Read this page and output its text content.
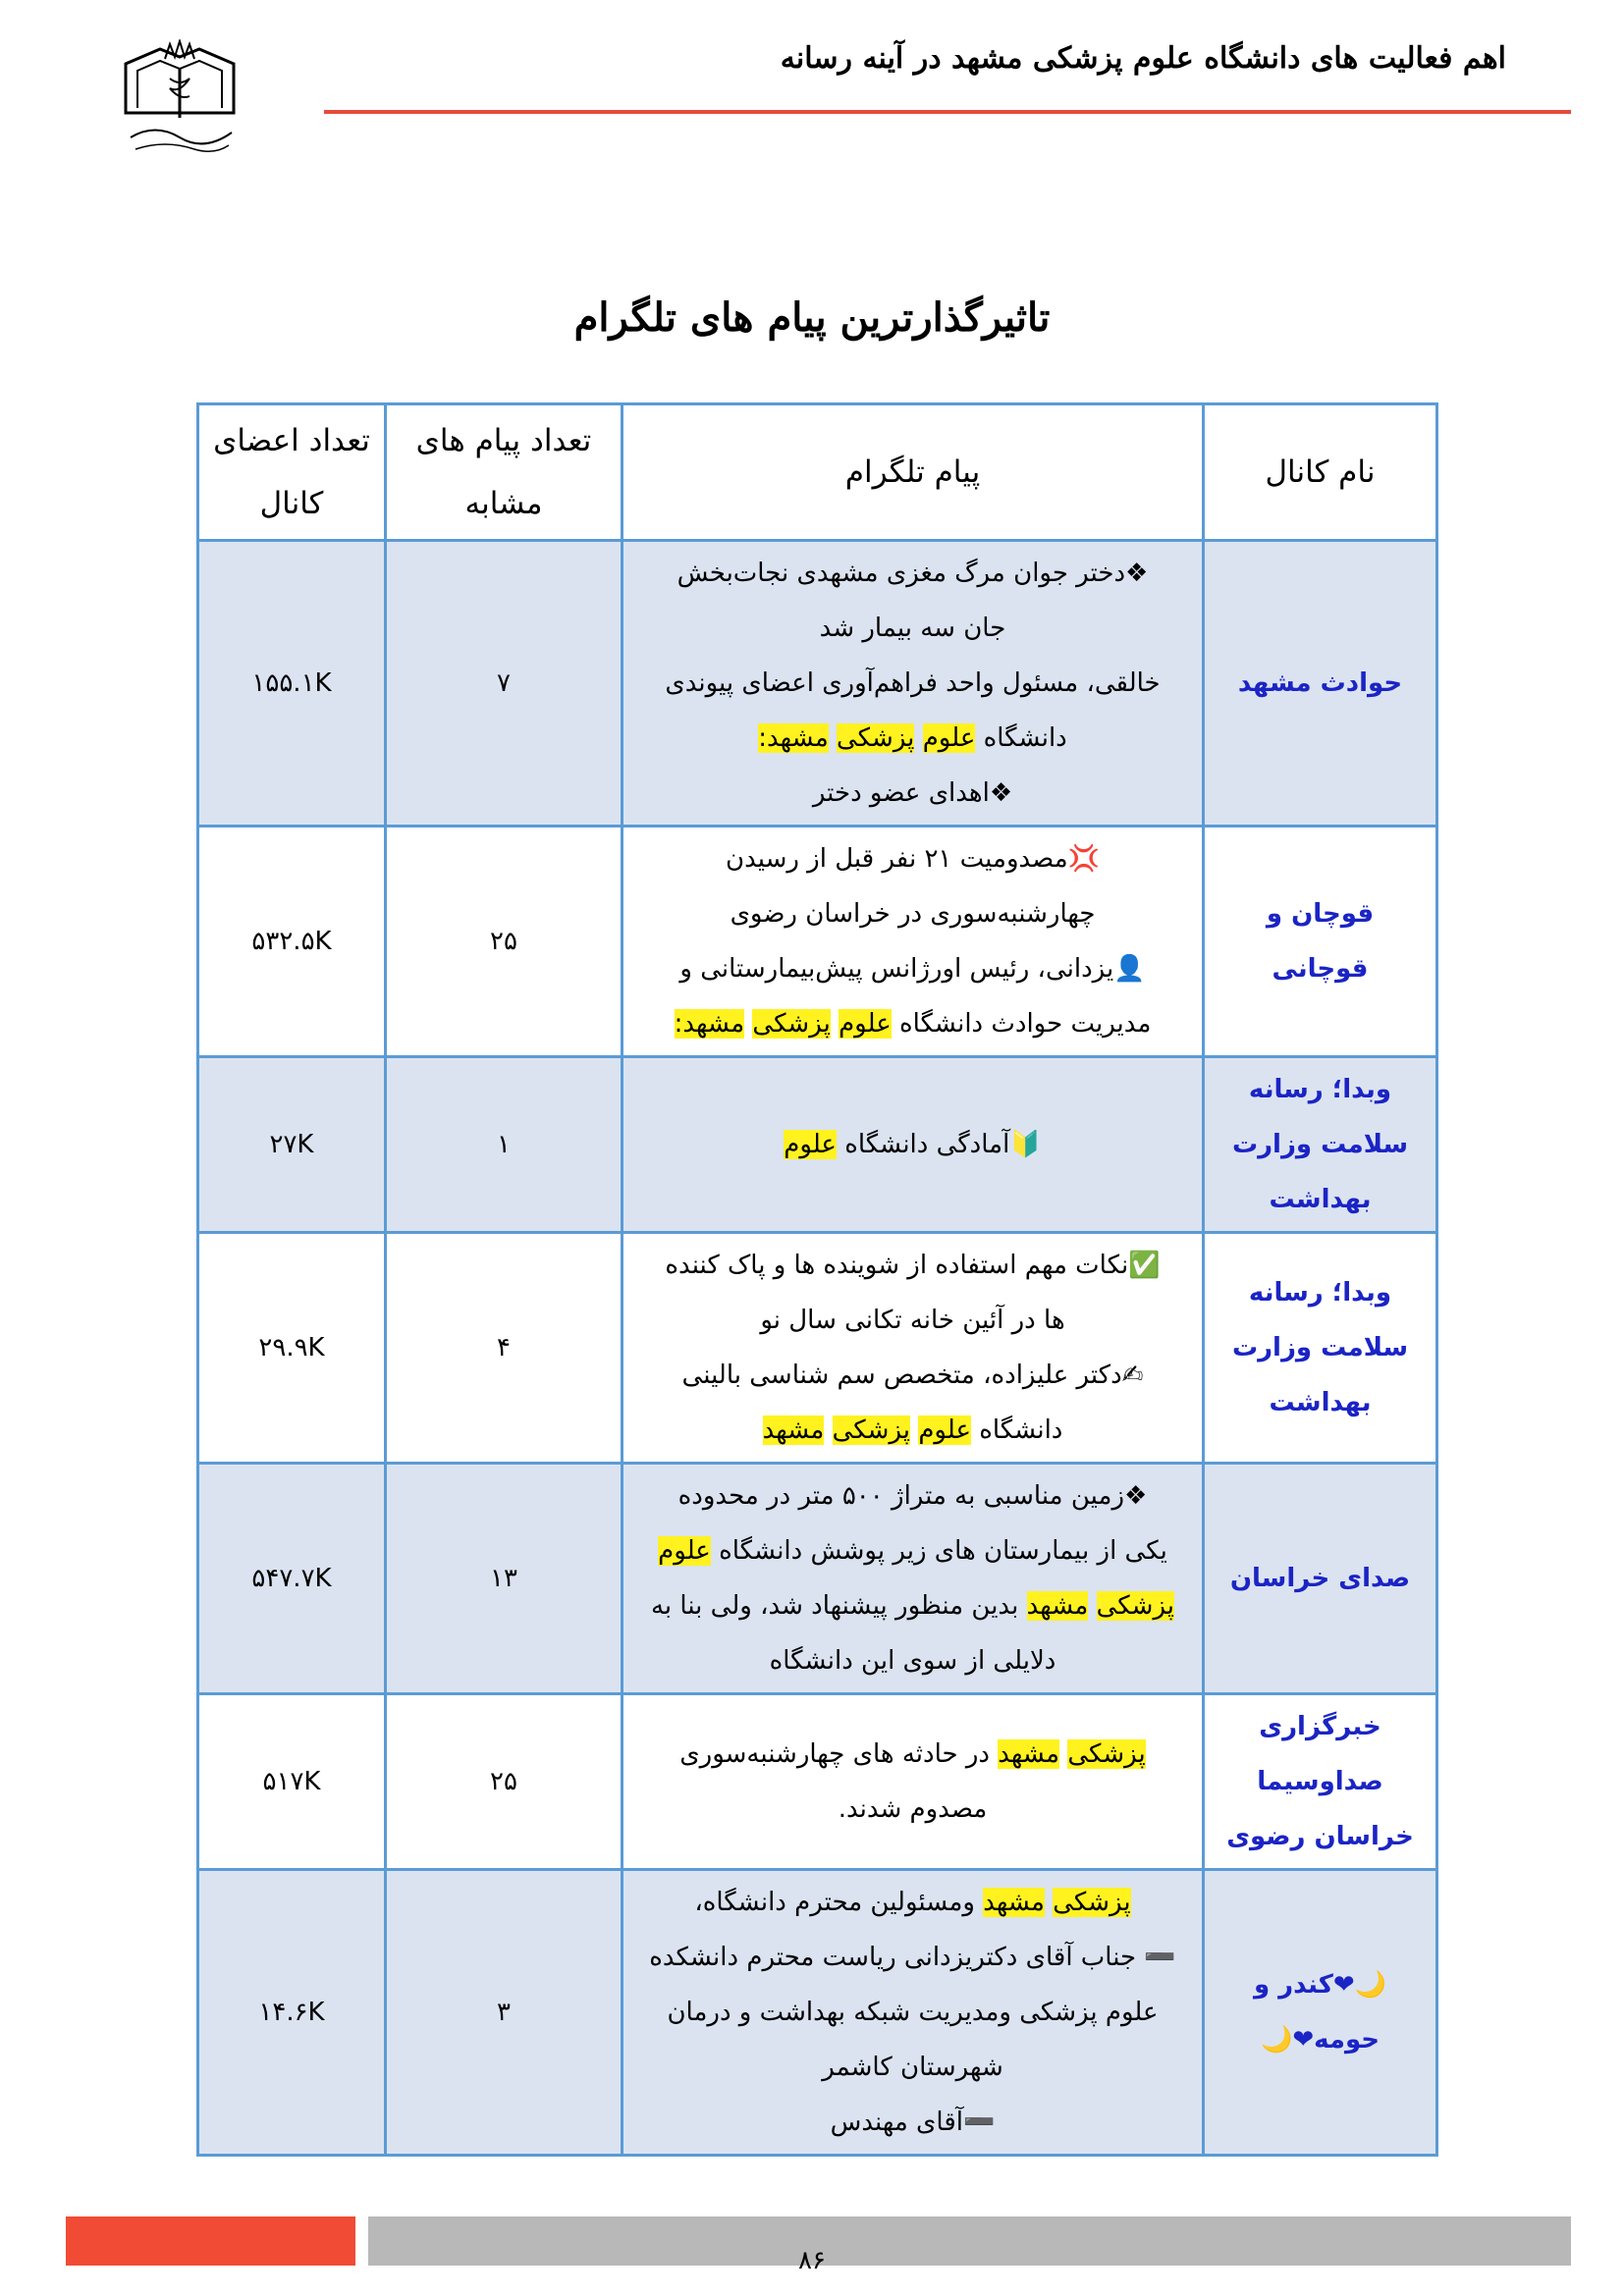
اهم فعالیت های دانشگاه علوم پزشکی مشهد در آینه رسانه
تاثیرگذارترین پیام های تلگرام
نام کانال	پیام تلگرام	تعداد پیام های مشابه	تعداد اعضای کانال
حوادث مشهد	❖دختر جوان مرگ مغزی مشهدی نجات‌بخش
جان سه بیمار شد
خالقی، مسئول واحد فراهم‌آوری اعضای پیوندی
دانشگاه علوم پزشکی مشهد:
❖اهدای عضو دختر	۷	۱۵۵.۱K
قوچان و قوچانی	💢مصدومیت ۲۱ نفر قبل از رسیدن
چهارشنبه‌سوری در خراسان رضوی
👤یزدانی، رئیس اورژانس پیش‌بیمارستانی و
مدیریت حوادث دانشگاه علوم پزشکی مشهد:	۲۵	۵۳۲.۵K
وبدا؛ رسانه سلامت وزارت بهداشت	🔰آمادگی دانشگاه علوم	۱	۲۷K
وبدا؛ رسانه سلامت وزارت بهداشت	✅نکات مهم استفاده از شوینده ها و پاک کننده
ها در آئین خانه تکانی سال نو
✍دکتر علیزاده، متخصص سم شناسی بالینی
دانشگاه علوم پزشکی مشهد	۴	۲۹.۹K
صدای خراسان	❖زمین مناسبی به متراژ ۵۰۰ متر در محدوده
یکی از بیمارستان های زیر پوشش دانشگاه علوم
پزشکی مشهد بدین منظور پیشنهاد شد، ولی بنا به
دلایلی از سوی این دانشگاه	۱۳	۵۴۷.۷K
خبرگزاری صداوسیما خراسان رضوی	پزشکی مشهد در حادثه های چهارشنبه‌سوری
مصدوم شدند.	۲۵	۵۱۷K
🌙❤کندر و حومه❤🌙	پزشکی مشهد ومسئولین محترم دانشگاه،
➖ جناب آقای دکتریزدانی ریاست محترم دانشکده
علوم پزشکی ومدیریت شبکه بهداشت و درمان
شهرستان کاشمر
➖آقای مهندس	۳	۱۴.۶K
۸۶
